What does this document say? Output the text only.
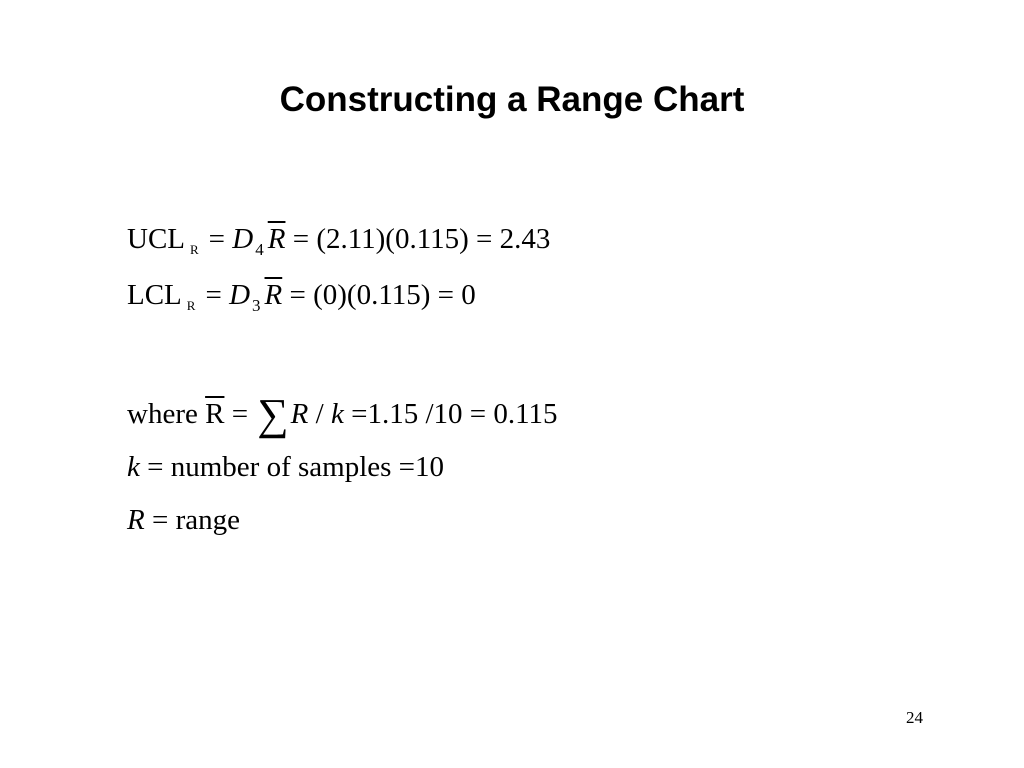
Constructing a Range Chart
UCL $_R$ = D $_4$ $\overline{R} = (2.11)(0.115) = 2.43$
LCL $_R$ = D $_3$ $\overline{R} = (0)(0.115) = 0$
where $\overline{R} = \sum R / k =1.15$ /10 = 0.115
k = number of samples =10
R = range
24
